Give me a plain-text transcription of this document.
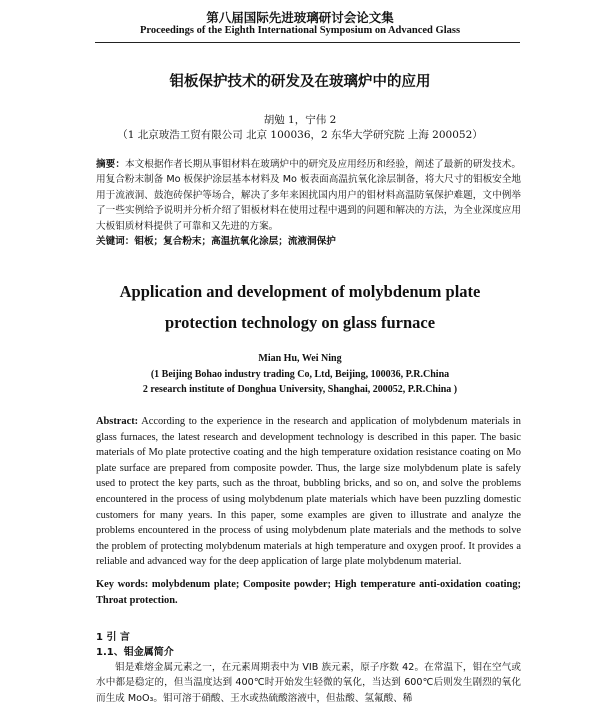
第八届国际先进玻璃研讨会论文集
Proceedings of the Eighth International Symposium on Advanced Glass
钼板保护技术的研发及在玻璃炉中的应用
胡勉 1，宁伟 2
（1 北京玻浩工贸有限公司 北京 100036，2 东华大学研究院 上海 200052）
摘要：本文根据作者长期从事钼材料在玻璃炉中的研究及应用经历和经验，阐述了最新的研发技术。用复合粉末制备 Mo 板保护涂层基本材料及 Mo 板表面高温抗氧化涂层制备，将大尺寸的钼板安全地用于流液洞、鼓泡砖保护等场合，解决了多年来困扰国内用户的钼材料高温防氧保护难题，文中例举了一些实例给予说明并分析介绍了钼板材料在使用过程中遇到的问题和解决的方法，为全业深度应用大板钼质材料提供了可靠和又先进的方案。
关键词：钼板；复合粉末；高温抗氧化涂层；流液洞保护
Application and development of molybdenum plate
protection technology on glass furnace
Mian Hu, Wei Ning
(1 Beijing Bohao industry trading Co, Ltd, Beijing, 100036, P.R.China
2 research institute of Donghua University, Shanghai, 200052, P.R.China )
Abstract: According to the experience in the research and application of molybdenum materials in glass furnaces, the latest research and development technology is described in this paper. The basic materials of Mo plate protective coating and the high temperature oxidation resistance coating on Mo plate surface are prepared from composite powder. Thus, the large size molybdenum plate is safely used to protect the key parts, such as the throat, bubbling bricks, and so on, and solve the problems encountered in the process of using molybdenum plate materials which have been puzzling domestic customers for many years. In this paper, some examples are given to illustrate and analyze the problems encountered in the process of using molybdenum plate materials and the methods to solve the problem of protecting molybdenum materials at high temperature and oxygen proof. It provides a reliable and advanced way for the deep application of large plate molybdenum material.
Key words: molybdenum plate; Composite powder; High temperature anti-oxidation coating; Throat protection.
1 引 言
1.1、钼金属简介
钼是难熔金属元素之一，在元素周期表中为 VIB 族元素，原子序数 42。在常温下，钼在空气或水中都是稳定的，但当温度达到 400℃时开始发生轻微的氧化，当达到 600℃后则发生剧烈的氧化而生成 MoO₃。钼可溶于硝酸、王水或热硫酸溶液中，但盐酸、氢氟酸、稀
